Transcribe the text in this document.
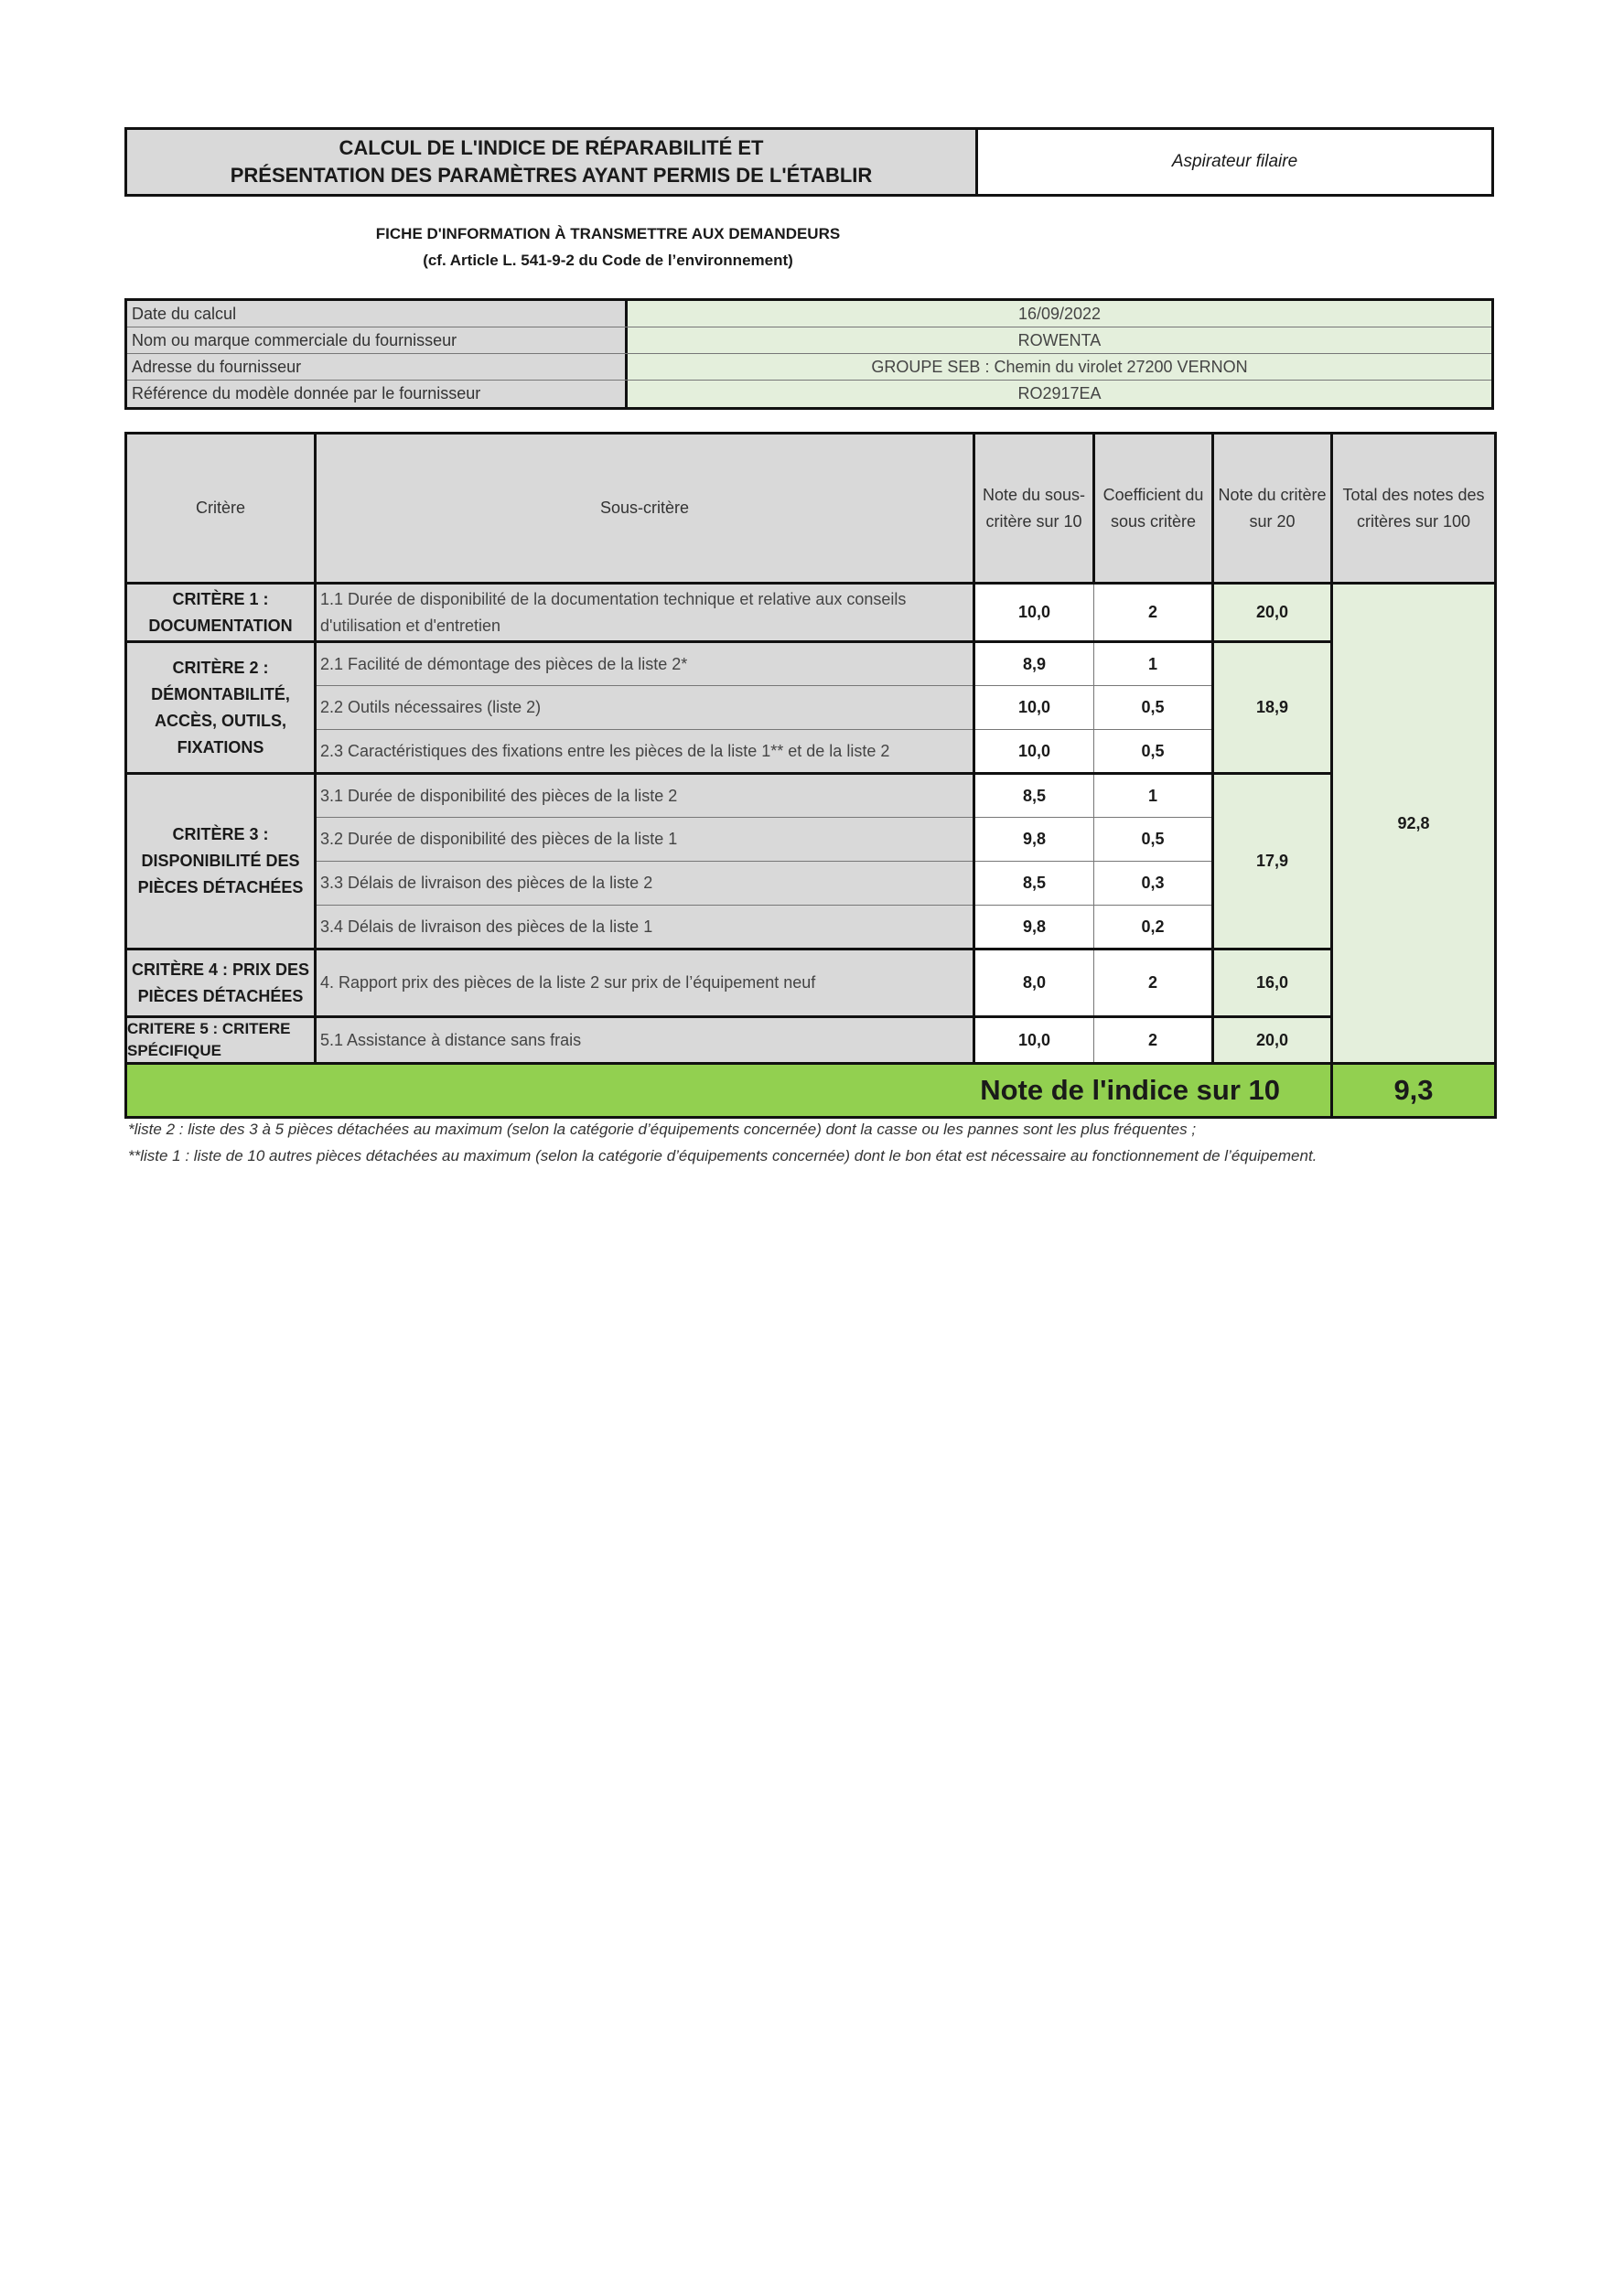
CALCUL DE L'INDICE DE RÉPARABILITÉ ET
PRÉSENTATION DES PARAMÈTRES AYANT PERMIS DE L'ÉTABLIR
Aspirateur filaire
FICHE D'INFORMATION À TRANSMETTRE AUX DEMANDEURS
(cf. Article L. 541-9-2 du Code de l’environnement)
Date du calcul	16/09/2022
Nom ou marque commerciale du fournisseur	ROWENTA
Adresse du fournisseur	GROUPE SEB : Chemin du virolet 27200 VERNON
Référence du modèle donnée par le fournisseur	RO2917EA
Critère	Sous-critère	Note du sous-critère sur 10	Coefficient du sous critère	Note du critère sur 20	Total des notes des critères sur 100
CRITÈRE 1 : DOCUMENTATION	1.1 Durée de disponibilité de la documentation technique et relative aux conseils d'utilisation et d'entretien	10,0	2	20,0	92,8
CRITÈRE 2 : DÉMONTABILITÉ, ACCÈS, OUTILS, FIXATIONS	2.1 Facilité de démontage des pièces de la liste 2*	8,9	1	18,9	
	2.2 Outils nécessaires (liste 2)	10,0	0,5		
	2.3 Caractéristiques des fixations entre les pièces de la liste 1** et de la liste 2	10,0	0,5		
CRITÈRE 3 : DISPONIBILITÉ DES PIÈCES DÉTACHÉES	3.1 Durée de disponibilité des pièces de la liste 2	8,5	1	17,9	
	3.2 Durée de disponibilité des pièces de la liste 1	9,8	0,5		
	3.3 Délais de livraison des pièces de la liste 2	8,5	0,3		
	3.4 Délais de livraison des pièces de la liste 1	9,8	0,2		
CRITÈRE 4 : PRIX DES PIÈCES DÉTACHÉES	4. Rapport prix des pièces de la liste 2 sur prix de l’équipement neuf	8,0	2	16,0	
CRITERE 5 : CRITERE SPÉCIFIQUE	5.1 Assistance à distance sans frais	10,0	2	20,0	
Note de l'indice sur 10					9,3
*liste 2 : liste des 3 à 5 pièces détachées au maximum (selon la catégorie d’équipements concernée) dont la casse ou les pannes sont les plus fréquentes ;
**liste 1 : liste de 10 autres pièces détachées au maximum (selon la catégorie d’équipements concernée) dont le bon état est nécessaire au fonctionnement de l’équipement.
